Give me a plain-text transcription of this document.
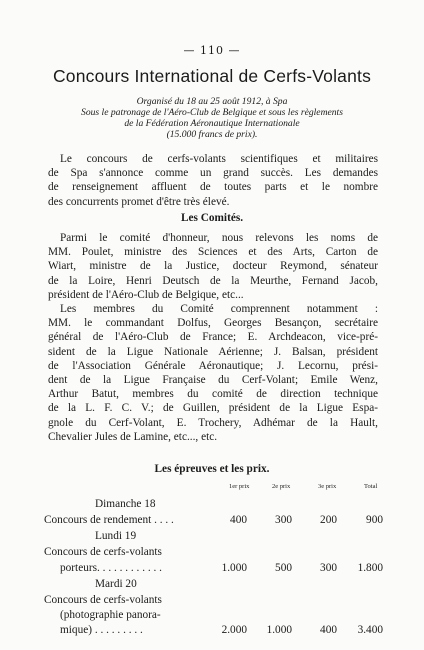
— 110 —
Concours International de Cerfs-Volants
Organisé du 18 au 25 août 1912, à Spa
Sous le patronage de l'Aéro-Club de Belgique et sous les règlements
de la Fédération Aéronautique Internationale
(15.000 francs de prix).
Le concours de cerfs-volants scientifiques et militaires
de Spa s'annonce comme un grand succès. Les demandes
de renseignement affluent de toutes parts et le nombre
des concurrents promet d'être très élevé.
Les Comités.
Parmi le comité d'honneur, nous relevons les noms de
MM. Poulet, ministre des Sciences et des Arts, Carton de
Wiart, ministre de la Justice, docteur Reymond, sénateur
de la Loire, Henri Deutsch de la Meurthe, Fernand Jacob,
président de l'Aéro-Club de Belgique, etc...
Les membres du Comité comprennent notamment :
MM. le commandant Dolfus, Georges Besançon, secrétaire
général de l'Aéro-Club de France; E. Archdeacon, vice-pré-
sident de la Ligue Nationale Aérienne; J. Balsan, président
de l'Association Générale Aéronautique; J. Lecornu, prési-
dent de la Ligue Française du Cerf-Volant; Emile Wenz,
Arthur Batut, membres du comité de direction technique
de la L. F. C. V.; de Guillen, président de la Ligue Espa-
gnole du Cerf-Volant, E. Trochery, Adhémar de la Hault,
Chevalier Jules de Lamine, etc..., etc.
Les épreuves et les prix.
1er prix	2e prix	3e prix	Total
Dimanche 18
Concours de rendement . . . .	400	300	200	900
Lundi 19
Concours de cerfs-volants
porteurs. . . . . . . . . . . .	1.000	500	300	1.800
Mardi 20
Concours de cerfs-volants
(photographie panora-
mique) . . . . . . . . .	2.000	1.000	400	3.400
